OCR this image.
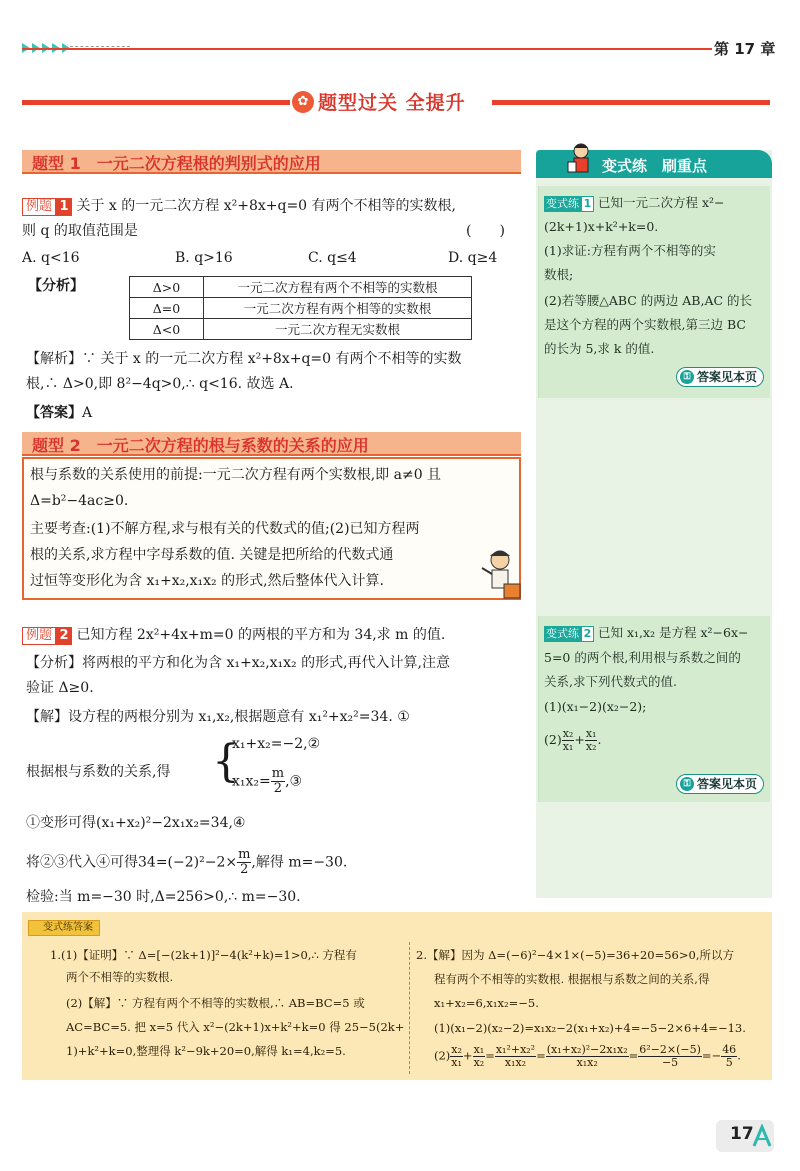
第 17 章
✿ 题型过关 全提升
题型 1　一元二次方程根的判别式的应用
例题 1 关于 x 的一元二次方程 x²+8x+q=0 有两个不相等的实数根,
则 q 的取值范围是	(　　)
A. q<16	B. q>16	C. q≤4	D. q≥4
【分析】	Δ>0	一元二次方程有两个不相等的实数根
Δ=0	一元二次方程有两个相等的实数根
Δ<0	一元二次方程无实数根
【解析】∵ 关于 x 的一元二次方程 x²+8x+q=0 有两个不相等的实数
根,∴ Δ>0,即 8²−4q>0,∴ q<16. 故选 A.
【答案】A
题型 2　一元二次方程的根与系数的关系的应用
根与系数的关系使用的前提:一元二次方程有两个实数根,即 a≠0 且
Δ=b²−4ac≥0.
主要考查:(1)不解方程,求与根有关的代数式的值;(2)已知方程两
根的关系,求方程中字母系数的值. 关键是把所给的代数式通
过恒等变形化为含 x₁+x₂,x₁x₂ 的形式,然后整体代入计算.
例题 2 已知方程 2x²+4x+m=0 的两根的平方和为 34,求 m 的值.
【分析】将两根的平方和化为含 x₁+x₂,x₁x₂ 的形式,再代入计算,注意
验证 Δ≥0.
【解】设方程的两根分别为 x₁,x₂,根据题意有 x₁²+x₂²=34. ①
根据根与系数的关系,得 {
x₁+x₂=−2,②
$x_1x_2= \frac{m}{2}$ ,③
①变形可得(x₁+x₂)²−2x₁x₂=34,④
将②③代入④可得$34=(-2)^2-2\times \frac{m}{2}$ ,解得 m=−30.
检验:当 m=−30 时,Δ=256>0,∴ m=−30.
变式练　刷重点
变式练 1 已知一元二次方程 x²−
(2k+1)x+k²+k=0.
(1)求证:方程有两个不相等的实
数根;
(2)若等腰△ABC 的两边 AB,AC 的长
是这个方程的两个实数根,第三边 BC
的长为 5,求 k 的值.
⚿ 答案见本页
变式练 2 已知 x₁,x₂ 是方程 x²−6x−
5=0 的两个根,利用根与系数之间的
关系,求下列代数式的值.
(1)(x₁−2)(x₂−2);
$(2) \frac{\text{x₂}}{\text{x₁}} + \frac{\text{x₁}}{\text{x₂}}$ .
⚿ 答案见本页
变式练答案
1.(1)【证明】∵ Δ=[−(2k+1)]²−4(k²+k)=1>0,∴ 方程有
两个不相等的实数根.
(2)【解】∵ 方程有两个不相等的实数根,∴ AB=BC=5 或
AC=BC=5. 把 x=5 代入 x²−(2k+1)x+k²+k=0 得 25−5(2k+
1)+k²+k=0,整理得 k²−9k+20=0,解得 k₁=4,k₂=5.
2.【解】因为 Δ=(−6)²−4×1×(−5)=36+20=56>0,所以方
程有两个不相等的实数根. 根据根与系数之间的关系,得
x₁+x₂=6,x₁x₂=−5.
(1)(x₁−2)(x₂−2)=x₁x₂−2(x₁+x₂)+4=−5−2×6+4=−13.
$(2) \frac{\text{x₂}}{\text{x₁}} + \frac{\text{x₁}}{\text{x₂}} = \frac{\text{x₁²+x₂²}}{\text{x₁x₂}} = \frac{\text{(x₁+x₂)²−2x₁x₂}}{\text{x₁x₂}} = \frac{\text{6²−2×(−5)}}{-5} =- \frac{46}{5}$ .
17
